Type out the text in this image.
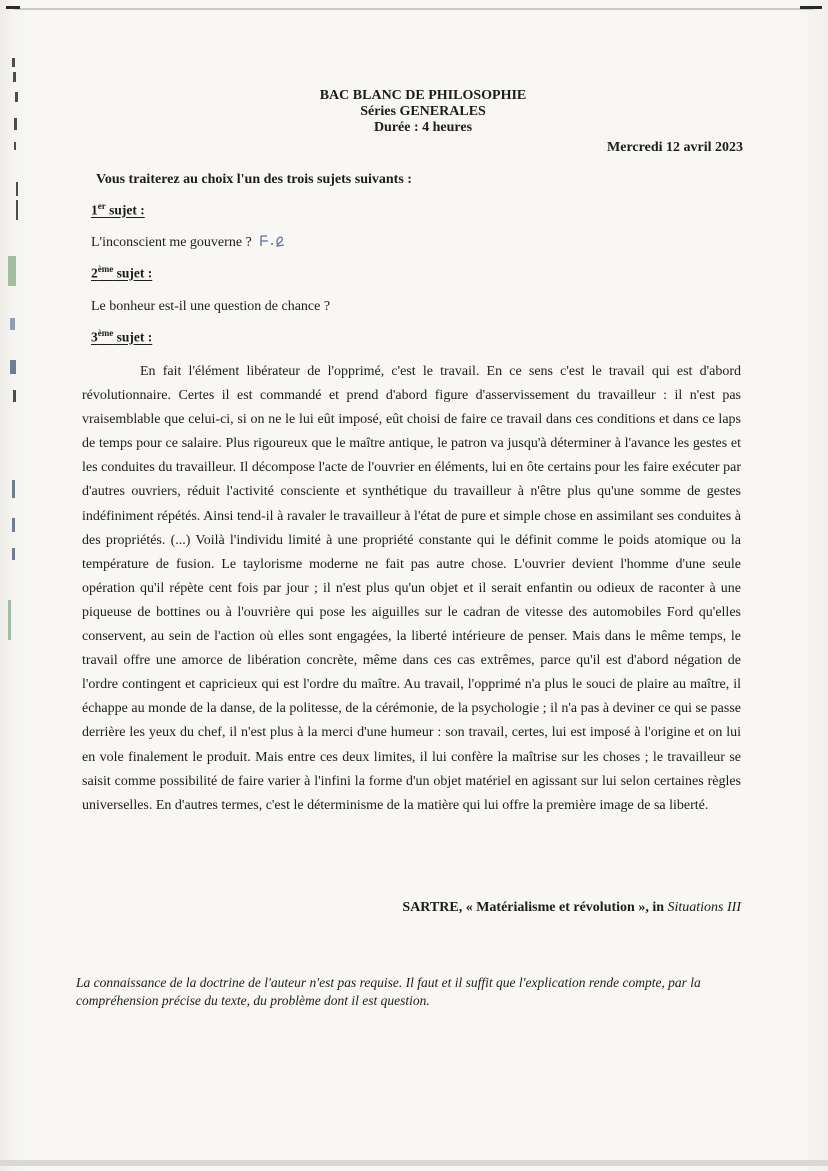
BAC BLANC DE PHILOSOPHIE
Séries GENERALES
Durée : 4 heures
Mercredi 12 avril 2023
Vous traiterez au choix l'un des trois sujets suivants :
1er sujet :
L'inconscient me gouverne ?
2ème sujet :
Le bonheur est-il une question de chance ?
3ème sujet :

En fait l'élément libérateur de l'opprimé, c'est le travail. En ce sens c'est le travail qui est d'abord révolutionnaire. Certes il est commandé et prend d'abord figure d'asservissement du travailleur : il n'est pas vraisemblable que celui-ci, si on ne le lui eût imposé, eût choisi de faire ce travail dans ces conditions et dans ce laps de temps pour ce salaire. Plus rigoureux que le maître antique, le patron va jusqu'à déterminer à l'avance les gestes et les conduites du travailleur. Il décompose l'acte de l'ouvrier en éléments, lui en ôte certains pour les faire exécuter par d'autres ouvriers, réduit l'activité consciente et synthétique du travailleur à n'être plus qu'une somme de gestes indéfiniment répétés. Ainsi tend-il à ravaler le travailleur à l'état de pure et simple chose en assimilant ses conduites à des propriétés. (...) Voilà l'individu limité à une propriété constante qui le définit comme le poids atomique ou la température de fusion. Le taylorisme moderne ne fait pas autre chose. L'ouvrier devient l'homme d'une seule opération qu'il répète cent fois par jour ; il n'est plus qu'un objet et il serait enfantin ou odieux de raconter à une piqueuse de bottines ou à l'ouvrière qui pose les aiguilles sur le cadran de vitesse des automobiles Ford qu'elles conservent, au sein de l'action où elles sont engagées, la liberté intérieure de penser. Mais dans le même temps, le travail offre une amorce de libération concrète, même dans ces cas extrêmes, parce qu'il est d'abord négation de l'ordre contingent et capricieux qui est l'ordre du maître. Au travail, l'opprimé n'a plus le souci de plaire au maître, il échappe au monde de la danse, de la politesse, de la cérémonie, de la psychologie ; il n'a pas à deviner ce qui se passe derrière les yeux du chef, il n'est plus à la merci d'une humeur : son travail, certes, lui est imposé à l'origine et on lui en vole finalement le produit. Mais entre ces deux limites, il lui confère la maîtrise sur les choses ; le travailleur se saisit comme possibilité de faire varier à l'infini la forme d'un objet matériel en agissant sur lui selon certaines règles universelles. En d'autres termes, c'est le déterminisme de la matière qui lui offre la première image de sa liberté.

SARTRE, « Matérialisme et révolution », in Situations III
La connaissance de la doctrine de l'auteur n'est pas requise. Il faut et il suffit que l'explication rende compte, par la compréhension précise du texte, du problème dont il est question.
